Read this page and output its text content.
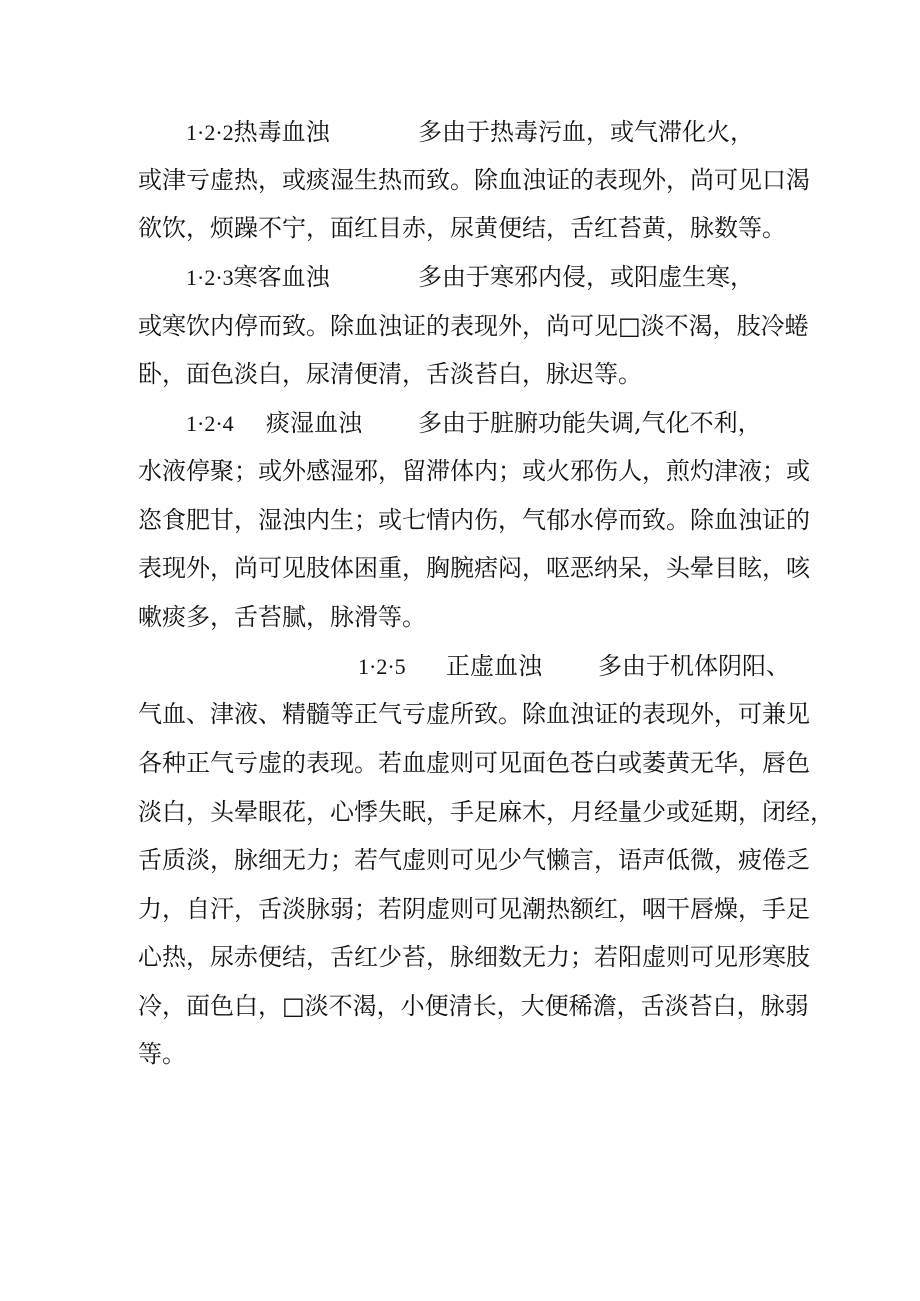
1·2·2热毒血浊	多由于热毒污血，或气滞化火，
或津亏虚热，或痰湿生热而致。除血浊证的表现外，尚可见口渴
欲饮，烦躁不宁，面红目赤，尿黄便结，舌红苔黄，脉数等。
1·2·3寒客血浊	多由于寒邪内侵，或阳虚生寒，
或寒饮内停而致。除血浊证的表现外，尚可见□淡不渴，肢冷蜷
卧，面色淡白，尿清便清，舌淡苔白，脉迟等。
1·2·4 痰湿血浊 多由于脏腑功能失调,气化不利，
水液停聚；或外感湿邪，留滞体内；或火邪伤人，煎灼津液；或
恣食肥甘，湿浊内生；或七情内伤，气郁水停而致。除血浊证的
表现外，尚可见肢体困重，胸腕痞闷，呕恶纳呆，头晕目眩，咳
嗽痰多，舌苔腻，脉滑等。
1·2·5 正虚血浊 多由于机体阴阳、
气血、津液、精髓等正气亏虚所致。除血浊证的表现外，可兼见
各种正气亏虚的表现。若血虚则可见面色苍白或萎黄无华，唇色
淡白，头晕眼花，心悸失眠，手足麻木，月经量少或延期，闭经，
舌质淡，脉细无力；若气虚则可见少气懒言，语声低微，疲倦乏
力，自汗，舌淡脉弱；若阴虚则可见潮热额红，咽干唇燥，手足
心热，尿赤便结，舌红少苔，脉细数无力；若阳虚则可见形寒肢
冷，面色白，□淡不渴，小便清长，大便稀澹，舌淡苔白，脉弱
等。
